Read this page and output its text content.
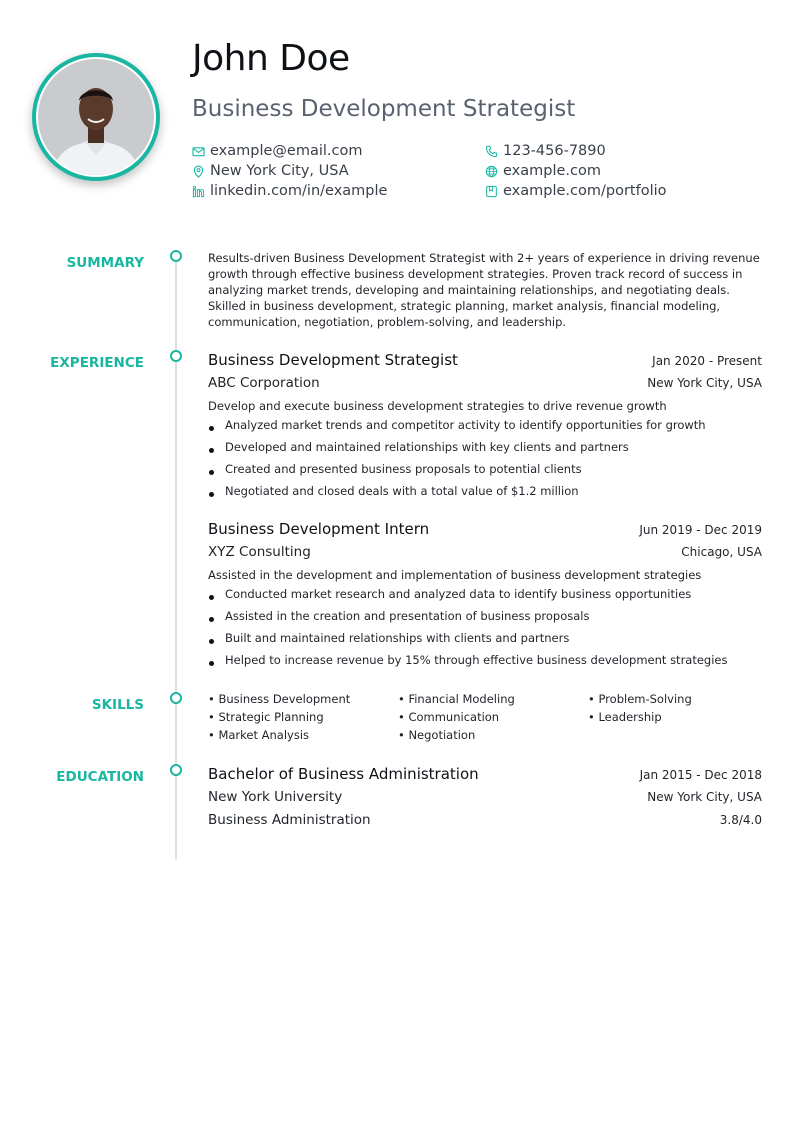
John Doe
Business Development Strategist
example@email.com	123-456-7890
New York City, USA	example.com
linkedin.com/in/example	example.com/portfolio
SUMMARY
EXPERIENCE
SKILLS
EDUCATION
Results-driven Business Development Strategist with 2+ years of experience in driving revenue growth through effective business development strategies. Proven track record of success in analyzing market trends, developing and maintaining relationships, and negotiating deals. Skilled in business development, strategic planning, market analysis, financial modeling, communication, negotiation, problem-solving, and leadership.
Business Development Strategist	Jan 2020 - Present
ABC Corporation	New York City, USA
Develop and execute business development strategies to drive revenue growth
Analyzed market trends and competitor activity to identify opportunities for growth
Developed and maintained relationships with key clients and partners
Created and presented business proposals to potential clients
Negotiated and closed deals with a total value of $1.2 million
Business Development Intern	Jun 2019 - Dec 2019
XYZ Consulting	Chicago, USA
Assisted in the development and implementation of business development strategies
Conducted market research and analyzed data to identify business opportunities
Assisted in the creation and presentation of business proposals
Built and maintained relationships with clients and partners
Helped to increase revenue by 15% through effective business development strategies
• Business Development	• Financial Modeling	• Problem-Solving
• Strategic Planning	• Communication	• Leadership
• Market Analysis	• Negotiation
Bachelor of Business Administration	Jan 2015 - Dec 2018
New York University	New York City, USA
Business Administration	3.8/4.0
